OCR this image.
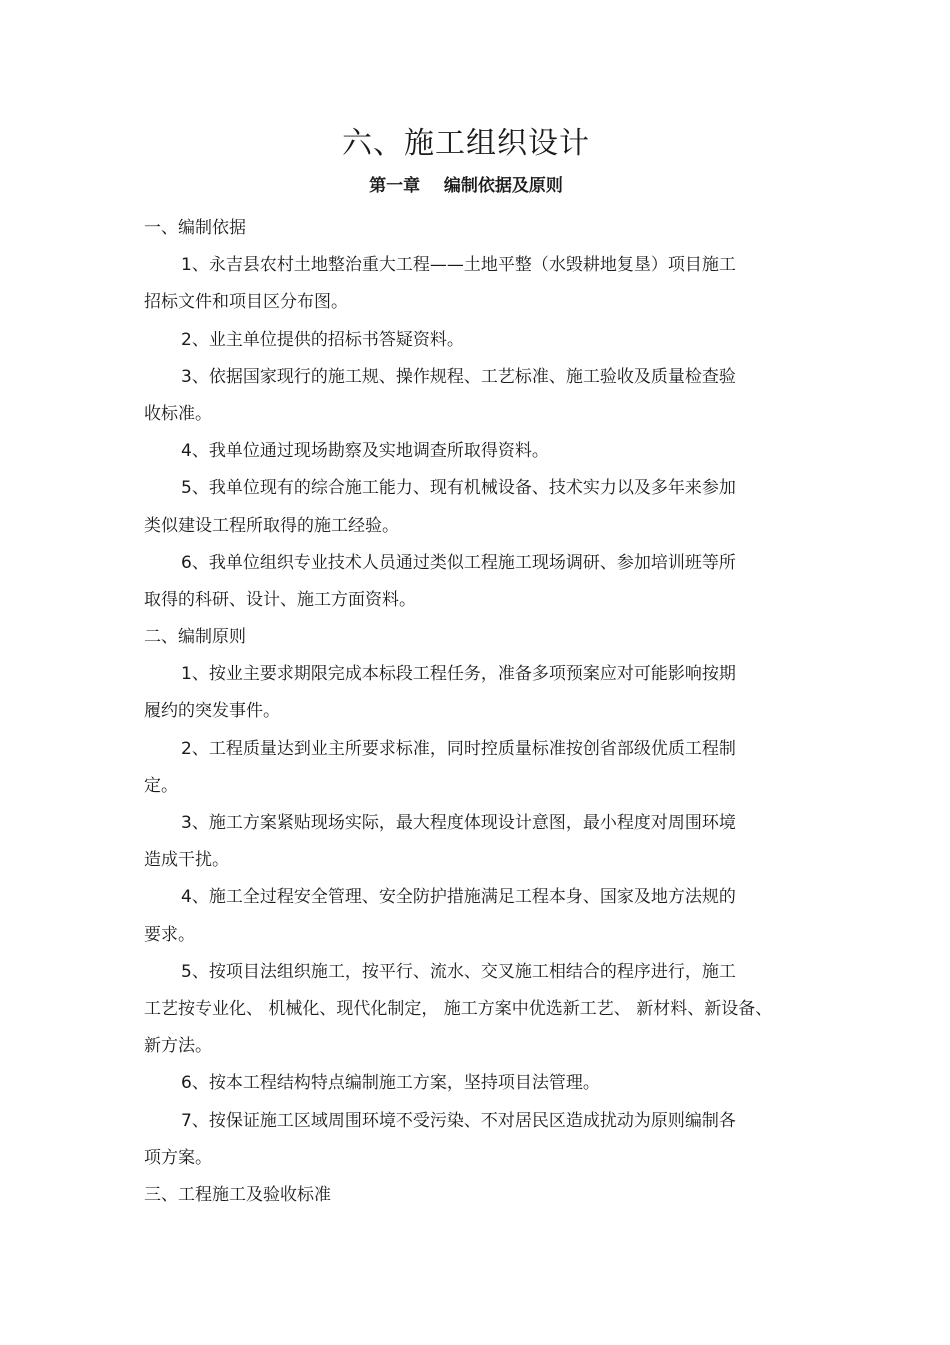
六、施工组织设计
第一章    编制依据及原则

一、编制依据

1、永吉县农村土地整治重大工程——土地平整（水毁耕地复垦）项目施工

招标文件和项目区分布图。

2、业主单位提供的招标书答疑资料。

3、依据国家现行的施工规、操作规程、工艺标准、施工验收及质量检查验

收标准。

4、我单位通过现场勘察及实地调查所取得资料。

5、我单位现有的综合施工能力、现有机械设备、技术实力以及多年来参加

类似建设工程所取得的施工经验。

6、我单位组织专业技术人员通过类似工程施工现场调研、参加培训班等所

取得的科研、设计、施工方面资料。

二、编制原则

1、按业主要求期限完成本标段工程任务，准备多项预案应对可能影响按期

履约的突发事件。

2、工程质量达到业主所要求标准，同时控质量标准按创省部级优质工程制

定。

3、施工方案紧贴现场实际，最大程度体现设计意图，最小程度对周围环境

造成干扰。

4、施工全过程安全管理、安全防护措施满足工程本身、国家及地方法规的

要求。

5、按项目法组织施工，按平行、流水、交叉施工相结合的程序进行，施工

工艺按专业化、 机械化、现代化制定， 施工方案中优选新工艺、 新材料、新设备、

新方法。

6、按本工程结构特点编制施工方案，坚持项目法管理。

7、按保证施工区域周围环境不受污染、不对居民区造成扰动为原则编制各

项方案。

三、工程施工及验收标准
